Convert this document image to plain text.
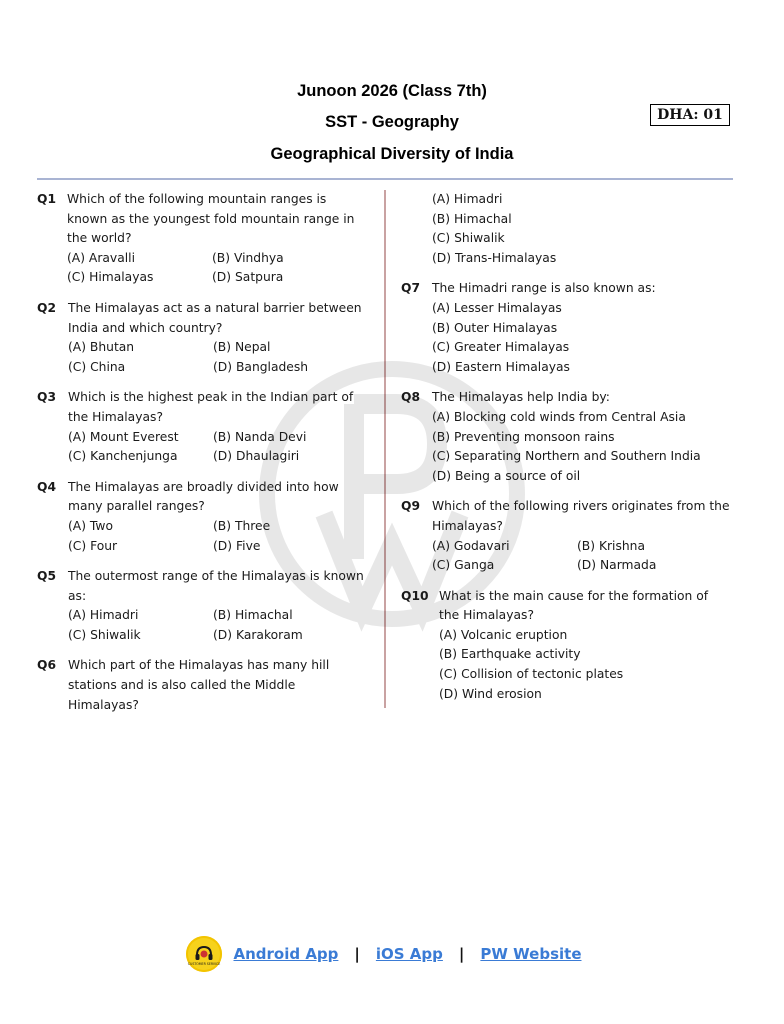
Junoon 2026 (Class 7th)
SST - Geography
Geographical Diversity of India
DHA: 01
Q1 Which of the following mountain ranges is known as the youngest fold mountain range in the world?
(A) Aravalli	(B) Vindhya
(C) Himalayas	(D) Satpura
Q2 The Himalayas act as a natural barrier between India and which country?
(A) Bhutan	(B) Nepal
(C) China	(D) Bangladesh
Q3 Which is the highest peak in the Indian part of the Himalayas?
(A) Mount Everest	(B) Nanda Devi
(C) Kanchenjunga	(D) Dhaulagiri
Q4 The Himalayas are broadly divided into how many parallel ranges?
(A) Two	(B) Three
(C) Four	(D) Five
Q5 The outermost range of the Himalayas is known as:
(A) Himadri	(B) Himachal
(C) Shiwalik	(D) Karakoram
Q6 Which part of the Himalayas has many hill stations and is also called the Middle Himalayas?
(A) Himadri
(B) Himachal
(C) Shiwalik
(D) Trans-Himalayas
Q7 The Himadri range is also known as:
(A) Lesser Himalayas
(B) Outer Himalayas
(C) Greater Himalayas
(D) Eastern Himalayas
Q8 The Himalayas help India by:
(A) Blocking cold winds from Central Asia
(B) Preventing monsoon rains
(C) Separating Northern and Southern India
(D) Being a source of oil
Q9 Which of the following rivers originates from the Himalayas?
(A) Godavari	(B) Krishna
(C) Ganga	(D) Narmada
Q10 What is the main cause for the formation of the Himalayas?
(A) Volcanic eruption
(B) Earthquake activity
(C) Collision of tectonic plates
(D) Wind erosion
CUSTOMER SERVICE
Android App | iOS App | PW Website
